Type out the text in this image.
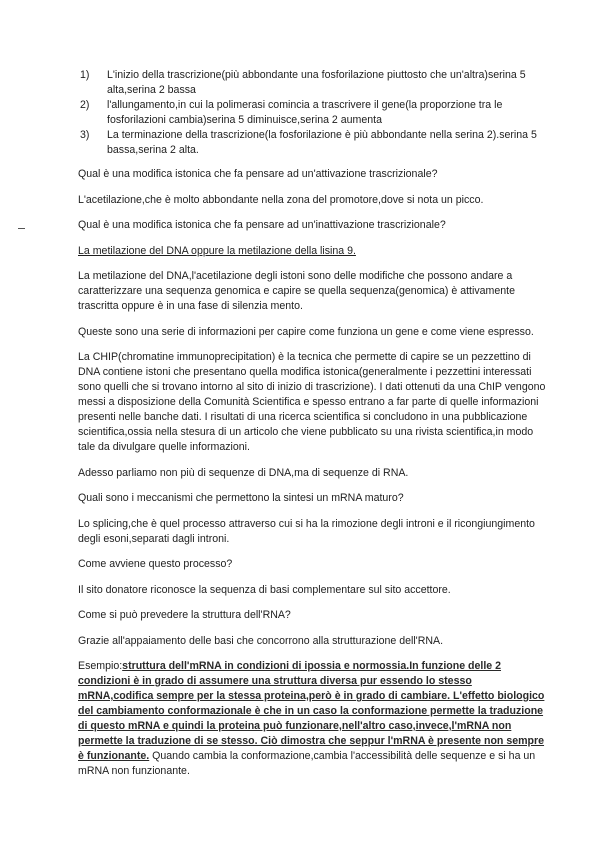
1) L'inizio della trascrizione(più abbondante una fosforilazione piuttosto che un'altra)serina 5 alta,serina 2 bassa
2) l'allungamento,in cui la polimerasi comincia a trascrivere il gene(la proporzione tra le fosforilazioni cambia)serina 5 diminuisce,serina 2 aumenta
3) La terminazione della trascrizione(la fosforilazione è più abbondante nella serina 2).serina 5 bassa,serina 2 alta.

Qual è una modifica istonica che fa pensare ad un'attivazione trascrizionale?

L'acetilazione,che è molto abbondante nella zona del promotore,dove si nota un picco.

Qual è una modifica istonica che fa pensare ad un'inattivazione trascrizionale?

La metilazione del DNA oppure la metilazione della lisina 9.

La metilazione del DNA,l'acetilazione degli istoni sono delle modifiche che possono andare a caratterizzare una sequenza genomica e capire se quella sequenza(genomica) è attivamente trascritta oppure è in una fase di silenzia mento.

Queste sono una serie di informazioni per capire come funziona un gene e come viene espresso.

La CHIP(chromatine immunoprecipitation) è la tecnica che permette di capire se un pezzettino di DNA contiene istoni che presentano quella modifica istonica(generalmente i pezzettini interessati sono quelli che si trovano intorno al sito di inizio di trascrizione). I dati ottenuti da una ChIP vengono messi a disposizione della Comunità Scientifica e spesso entrano a far parte di quelle informazioni presenti nelle banche dati. I risultati di una ricerca scientifica si concludono in una pubblicazione scientifica,ossia nella stesura di un articolo che viene pubblicato su una rivista scientifica,in modo tale da divulgare quelle informazioni.

Adesso parliamo non più di sequenze di DNA,ma di sequenze di RNA.

Quali sono i meccanismi che permettono la sintesi un mRNA maturo?

Lo splicing,che è quel processo attraverso cui si ha la rimozione degli introni e il ricongiungimento degli esoni,separati dagli introni.

Come avviene questo processo?

Il sito donatore riconosce la sequenza di basi complementare sul sito accettore.

Come si può prevedere la struttura dell'RNA?

Grazie all'appaiamento delle basi che concorrono alla strutturazione dell'RNA.

Esempio:struttura dell'mRNA in condizioni di ipossia e normossia.In funzione delle 2 condizioni è in grado di assumere una struttura diversa pur essendo lo stesso mRNA,codifica sempre per la stessa proteina,però è in grado di cambiare. L'effetto biologico del cambiamento conformazionale è che in un caso la conformazione permette la traduzione di questo mRNA e quindi la proteina può funzionare,nell'altro caso,invece,l'mRNA non permette la traduzione di se stesso. Ciò dimostra che seppur l'mRNA è presente non sempre è funzionante. Quando cambia la conformazione,cambia l'accessibilità delle sequenze e si ha un mRNA non funzionante.
